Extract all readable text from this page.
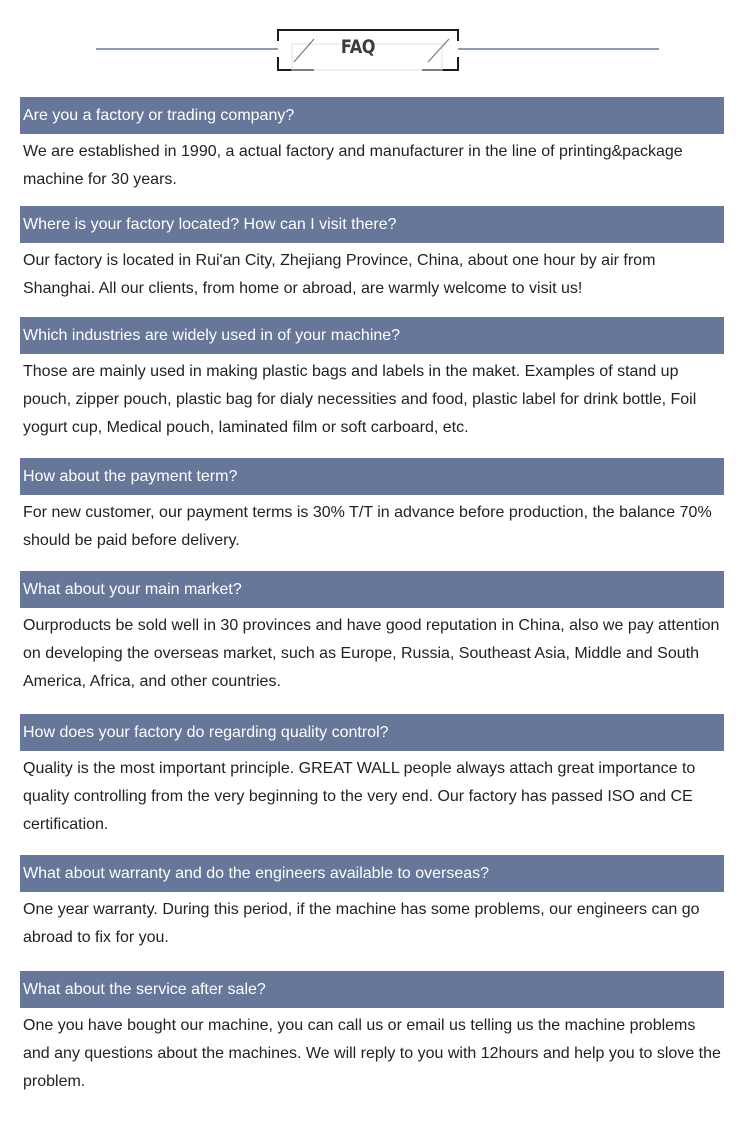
FAQ
Are you a factory or trading company?
We are established in 1990, a actual factory and manufacturer in the line of printing&package machine for 30 years.
Where is your factory located? How can I visit there?
Our factory is located in Rui'an City, Zhejiang Province, China, about one hour by air from Shanghai. All our clients, from home or abroad, are warmly welcome to visit us!
Which industries are widely used in of your machine?
Those are mainly used in making plastic bags and labels in the maket. Examples of stand up pouch, zipper pouch, plastic bag for dialy necessities and food, plastic label for drink bottle, Foil yogurt cup, Medical pouch, laminated film or soft carboard, etc.
How about the payment term?
For new customer, our payment terms is 30% T/T in advance before production, the balance 70% should be paid before delivery.
What about your main market?
Ourproducts be sold well in 30 provinces and have good reputation in China, also we pay attention on developing the overseas market, such as Europe, Russia, Southeast Asia, Middle and South America, Africa, and other countries.
How does your factory do regarding quality control?
Quality is the most important principle. GREAT WALL people always attach great importance to quality controlling from the very beginning to the very end. Our factory has passed ISO and CE certification.
What about warranty and do the engineers available to overseas?
One year warranty. During this period, if the machine has some problems, our engineers can go abroad to fix for you.
What about the service after sale?
One you have bought our machine, you can call us or email us telling us the machine problems and any questions about the machines. We will reply to you with 12hours and help you to slove the problem.
